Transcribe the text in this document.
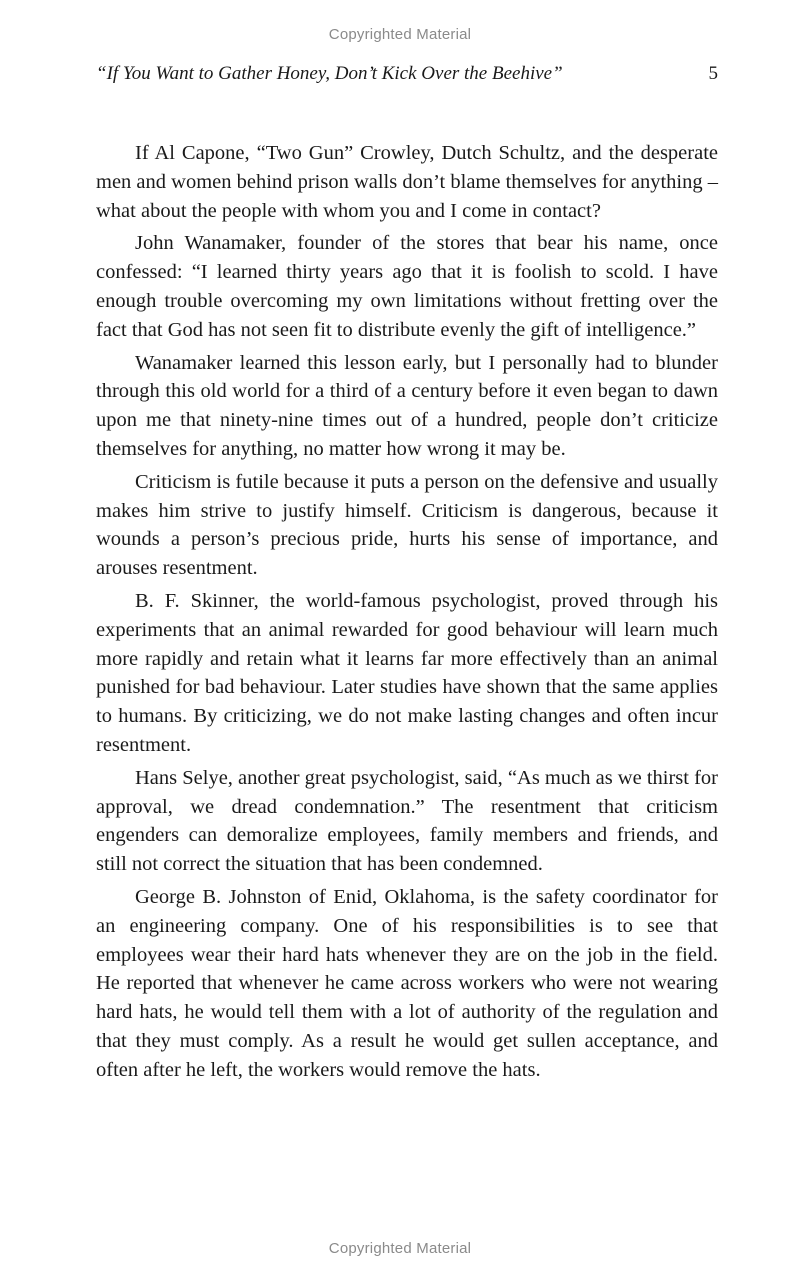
Copyrighted Material
“If You Want to Gather Honey, Don’t Kick Over the Beehive”	5

If Al Capone, “Two Gun” Crowley, Dutch Schultz, and the desperate men and women behind prison walls don’t blame themselves for anything – what about the people with whom you and I come in contact?

John Wanamaker, founder of the stores that bear his name, once confessed: “I learned thirty years ago that it is foolish to scold. I have enough trouble overcoming my own limitations without fretting over the fact that God has not seen fit to distribute evenly the gift of intelligence.”

Wanamaker learned this lesson early, but I personally had to blunder through this old world for a third of a century before it even began to dawn upon me that ninety-nine times out of a hundred, people don’t criticize themselves for anything, no matter how wrong it may be.

Criticism is futile because it puts a person on the defensive and usually makes him strive to justify himself. Criticism is dangerous, because it wounds a person’s precious pride, hurts his sense of importance, and arouses resentment.

B. F. Skinner, the world-famous psychologist, proved through his experiments that an animal rewarded for good behaviour will learn much more rapidly and retain what it learns far more effectively than an animal punished for bad behaviour. Later studies have shown that the same applies to humans. By criticizing, we do not make lasting changes and often incur resentment.

Hans Selye, another great psychologist, said, “As much as we thirst for approval, we dread condemnation.” The resentment that criticism engenders can demoralize employees, family members and friends, and still not correct the situation that has been condemned.

George B. Johnston of Enid, Oklahoma, is the safety coordinator for an engineering company. One of his responsibilities is to see that employees wear their hard hats whenever they are on the job in the field. He reported that whenever he came across workers who were not wearing hard hats, he would tell them with a lot of authority of the regulation and that they must comply. As a result he would get sullen acceptance, and often after he left, the workers would remove the hats.

Copyrighted Material
